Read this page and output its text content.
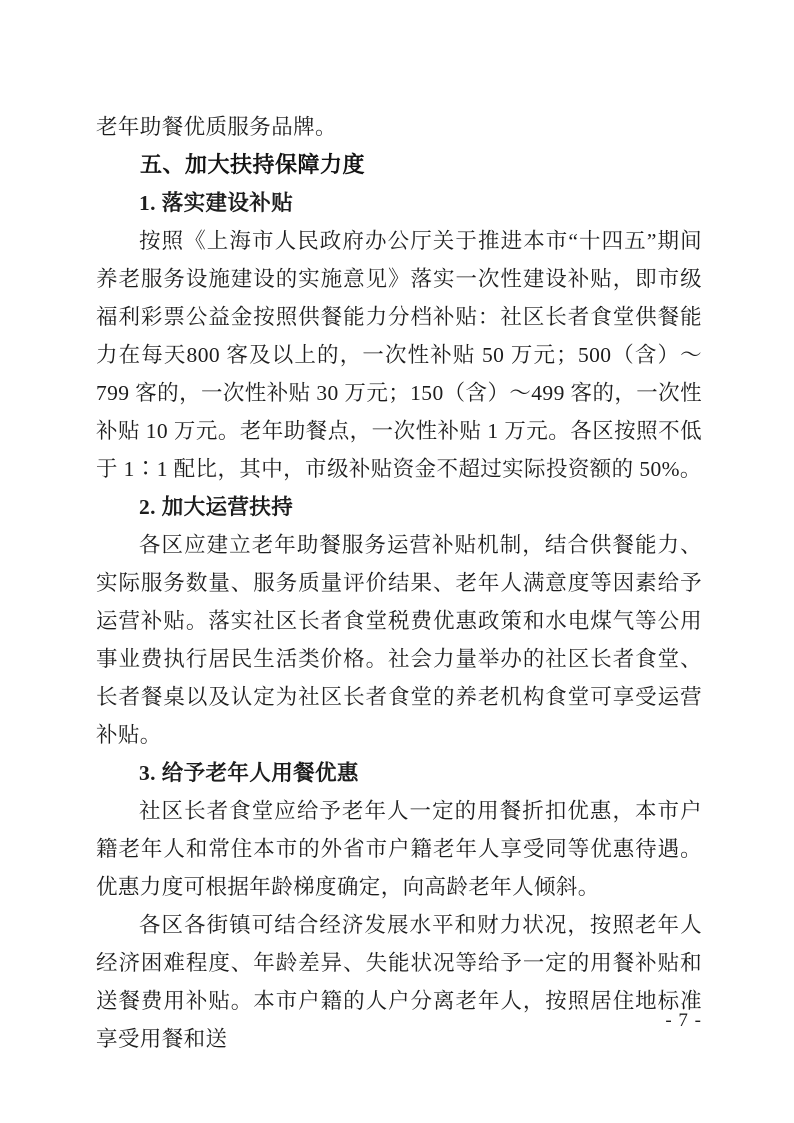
老年助餐优质服务品牌。

五、加大扶持保障力度
1. 落实建设补贴

按照《上海市人民政府办公厅关于推进本市“十四五”期间养老服务设施建设的实施意见》落实一次性建设补贴，即市级福利彩票公益金按照供餐能力分档补贴：社区长者食堂供餐能力在每天800 客及以上的，一次性补贴 50 万元；500（含）～799 客的，一次性补贴 30 万元；150（含）～499 客的，一次性补贴 10 万元。老年助餐点，一次性补贴 1 万元。各区按照不低于 1∶1 配比，其中，市级补贴资金不超过实际投资额的 50%。

2. 加大运营扶持

各区应建立老年助餐服务运营补贴机制，结合供餐能力、实际服务数量、服务质量评价结果、老年人满意度等因素给予运营补贴。落实社区长者食堂税费优惠政策和水电煤气等公用事业费执行居民生活类价格。社会力量举办的社区长者食堂、长者餐桌以及认定为社区长者食堂的养老机构食堂可享受运营补贴。

3. 给予老年人用餐优惠

社区长者食堂应给予老年人一定的用餐折扣优惠，本市户籍老年人和常住本市的外省市户籍老年人享受同等优惠待遇。优惠力度可根据年龄梯度确定，向高龄老年人倾斜。

各区各街镇可结合经济发展水平和财力状况，按照老年人经济困难程度、年龄差异、失能状况等给予一定的用餐补贴和送餐费用补贴。本市户籍的人户分离老年人，按照居住地标准享受用餐和送

- 7 -
